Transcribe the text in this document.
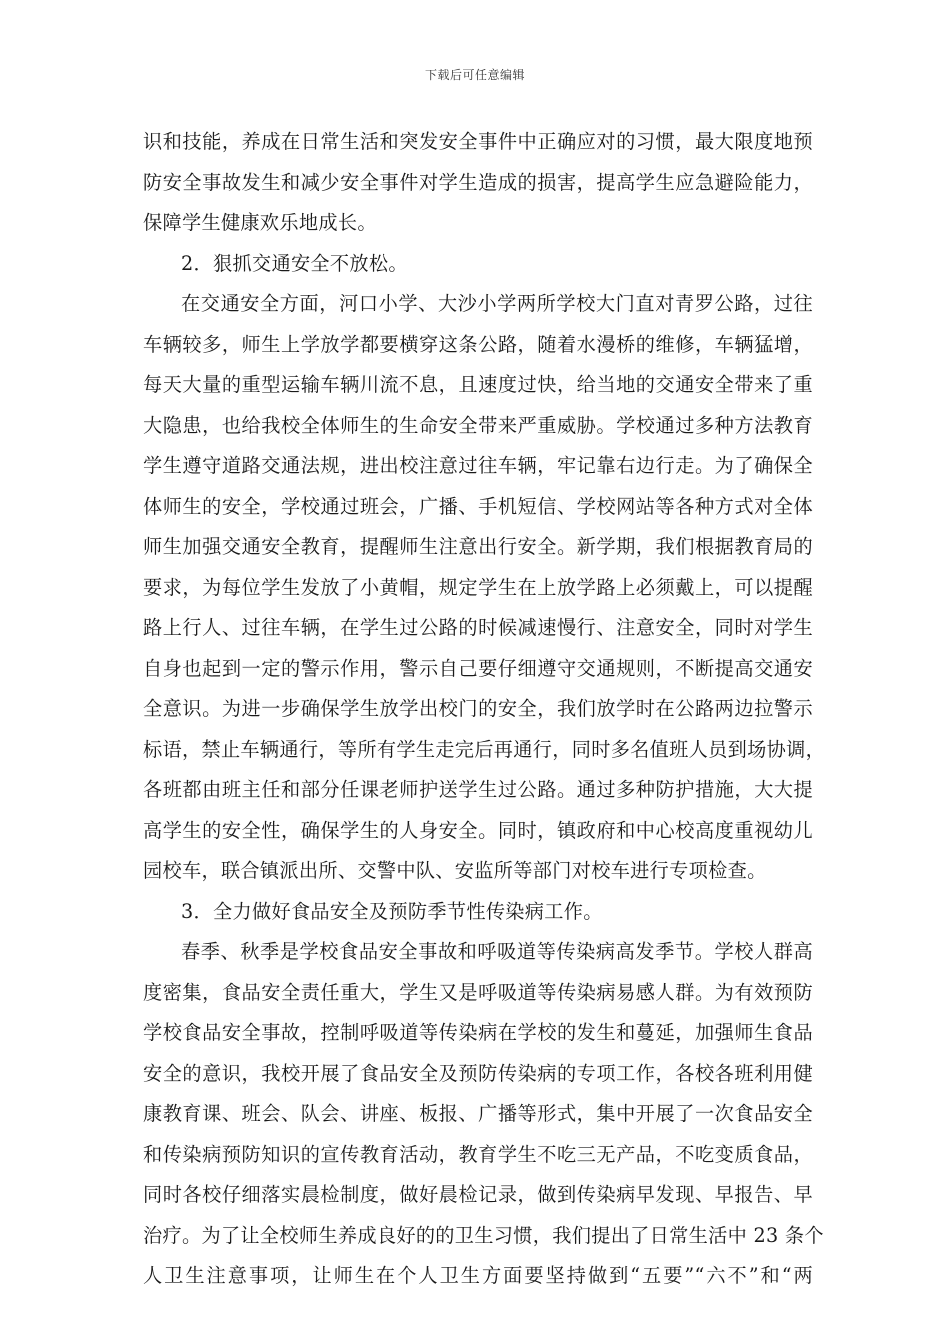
下载后可任意编辑
识和技能，养成在日常生活和突发安全事件中正确应对的习惯，最大限度地预
防安全事故发生和减少安全事件对学生造成的损害，提高学生应急避险能力，
保障学生健康欢乐地成长。
2．狠抓交通安全不放松。
在交通安全方面，河口小学、大沙小学两所学校大门直对青罗公路，过往
车辆较多，师生上学放学都要横穿这条公路，随着水漫桥的维修，车辆猛增，
每天大量的重型运输车辆川流不息，且速度过快，给当地的交通安全带来了重
大隐患，也给我校全体师生的生命安全带来严重威胁。学校通过多种方法教育
学生遵守道路交通法规，进出校注意过往车辆，牢记靠右边行走。为了确保全
体师生的安全，学校通过班会，广播、手机短信、学校网站等各种方式对全体
师生加强交通安全教育，提醒师生注意出行安全。新学期，我们根据教育局的
要求，为每位学生发放了小黄帽，规定学生在上放学路上必须戴上，可以提醒
路上行人、过往车辆，在学生过公路的时候减速慢行、注意安全，同时对学生
自身也起到一定的警示作用，警示自己要仔细遵守交通规则，不断提高交通安
全意识。为进一步确保学生放学出校门的安全，我们放学时在公路两边拉警示
标语，禁止车辆通行，等所有学生走完后再通行，同时多名值班人员到场协调，
各班都由班主任和部分任课老师护送学生过公路。通过多种防护措施，大大提
高学生的安全性，确保学生的人身安全。同时，镇政府和中心校高度重视幼儿
园校车，联合镇派出所、交警中队、安监所等部门对校车进行专项检查。
3．全力做好食品安全及预防季节性传染病工作。
春季、秋季是学校食品安全事故和呼吸道等传染病高发季节。学校人群高
度密集，食品安全责任重大，学生又是呼吸道等传染病易感人群。为有效预防
学校食品安全事故，控制呼吸道等传染病在学校的发生和蔓延，加强师生食品
安全的意识，我校开展了食品安全及预防传染病的专项工作，各校各班利用健
康教育课、班会、队会、讲座、板报、广播等形式，集中开展了一次食品安全
和传染病预防知识的宣传教育活动，教育学生不吃三无产品，不吃变质食品，
同时各校仔细落实晨检制度，做好晨检记录，做到传染病早发现、早报告、早
治疗。为了让全校师生养成良好的的卫生习惯，我们提出了日常生活中 23 条个
人卫生注意事项，让师生在个人卫生方面要坚持做到“五要”“六不”和“两
